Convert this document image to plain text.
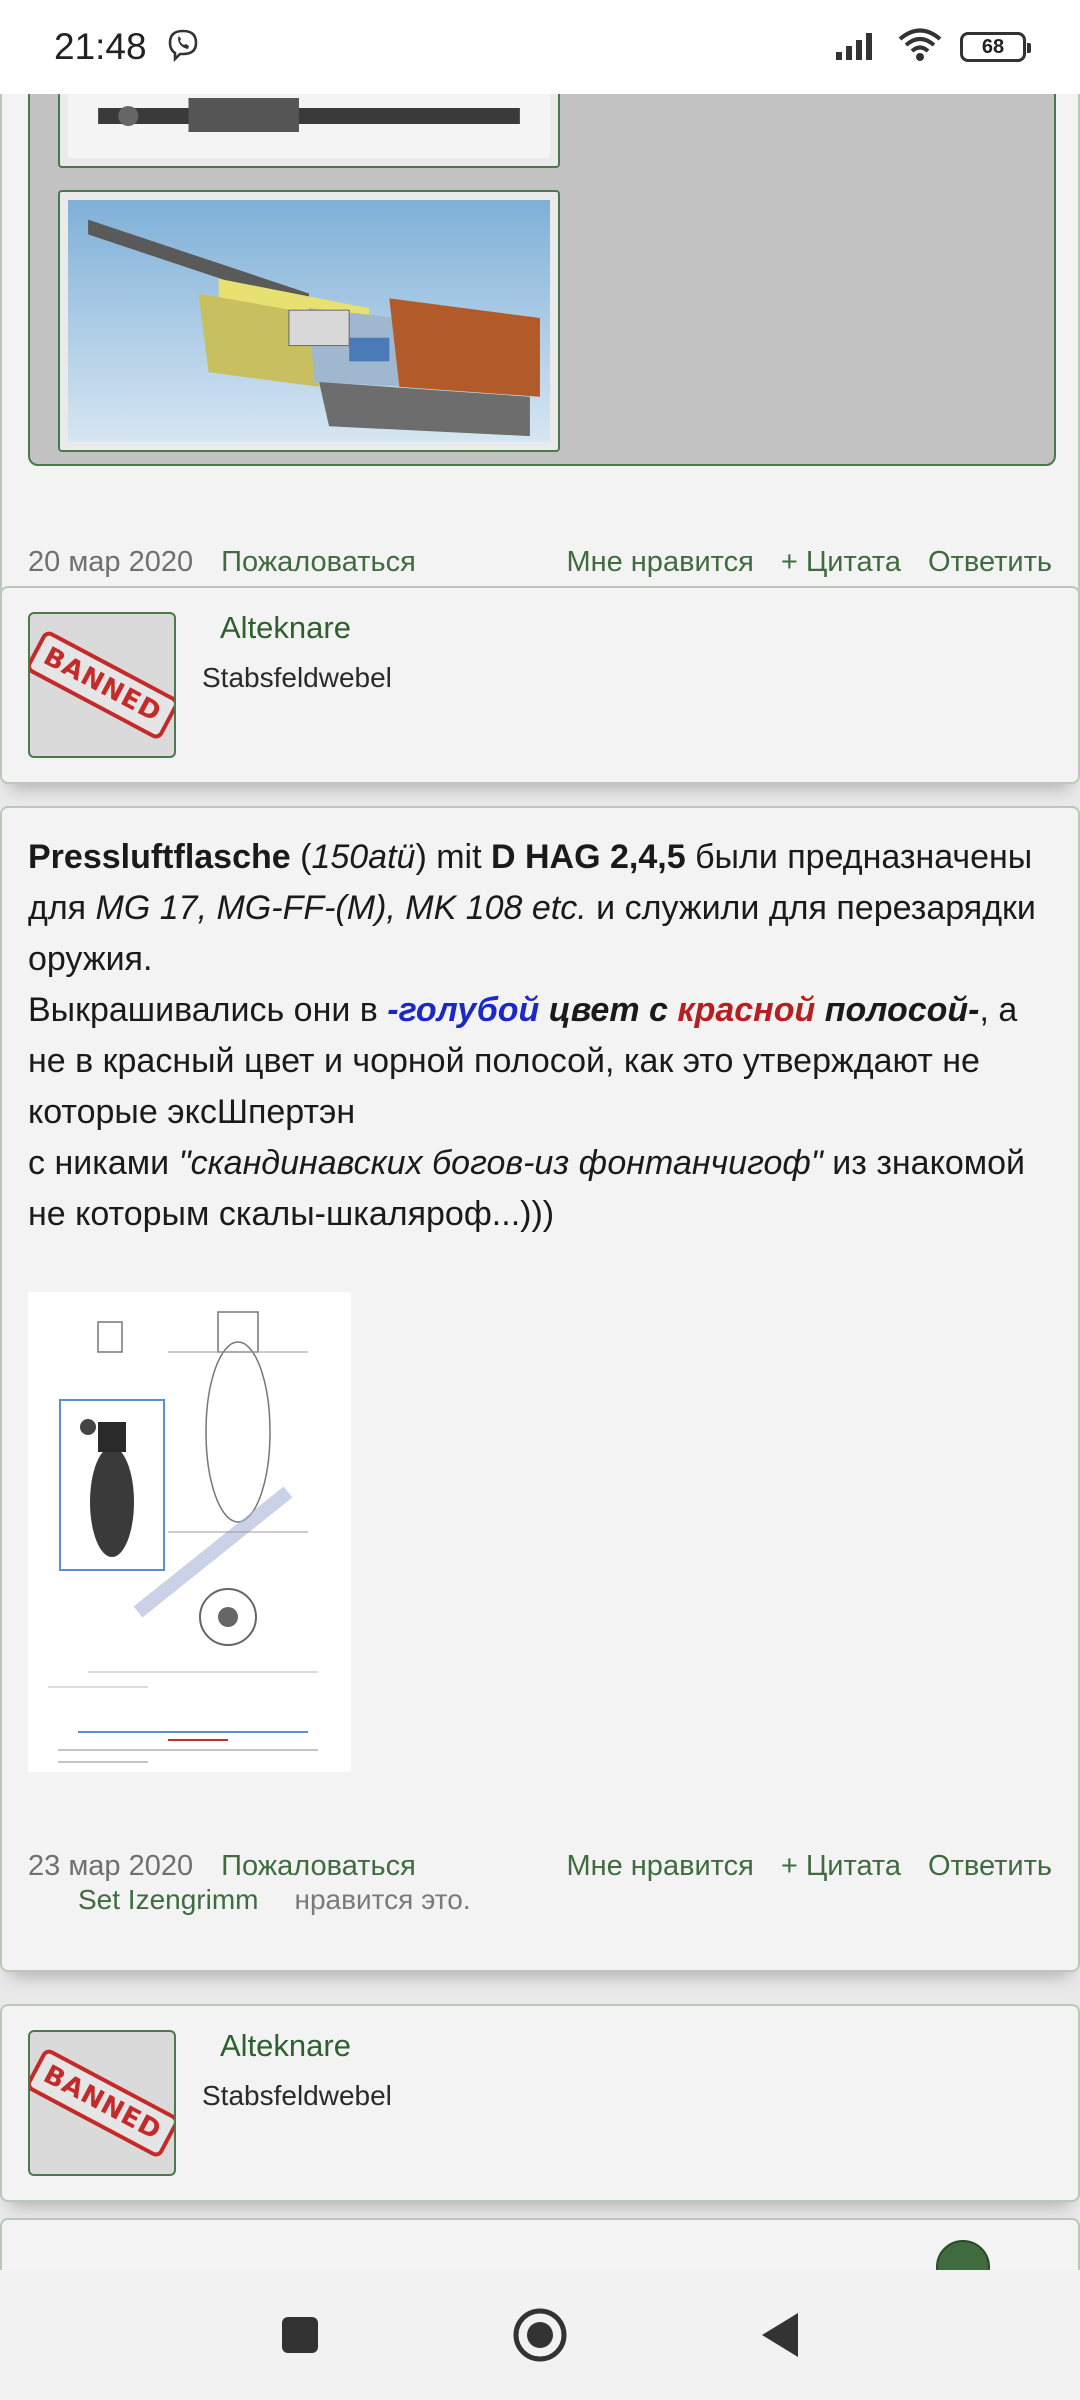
21:48	68
20 мар 2020 Пожаловаться	Мне нравится + Цитата Ответить
BANNED
Alteknare
Stabsfeldwebel
Pressluftflasche (150atü) mit D HAG 2,4,5 были предназначены для MG 17, MG-FF-(M), MK 108 etc. и служили для перезарядки оружия.
Выкрашивались они в -голубой цвет с красной полосой-, а не в красный цвет и чорной полосой, как это утверждают не которые эксШпертэн
с никами "скандинавских богов-из фонтанчигоф" из знакомой не которым скалы-шкаляроф...)))
23 мар 2020 Пожаловаться	Мне нравится + Цитата Ответить
Set Izengrimm нравится это.
BANNED
Alteknare
Stabsfeldwebel
